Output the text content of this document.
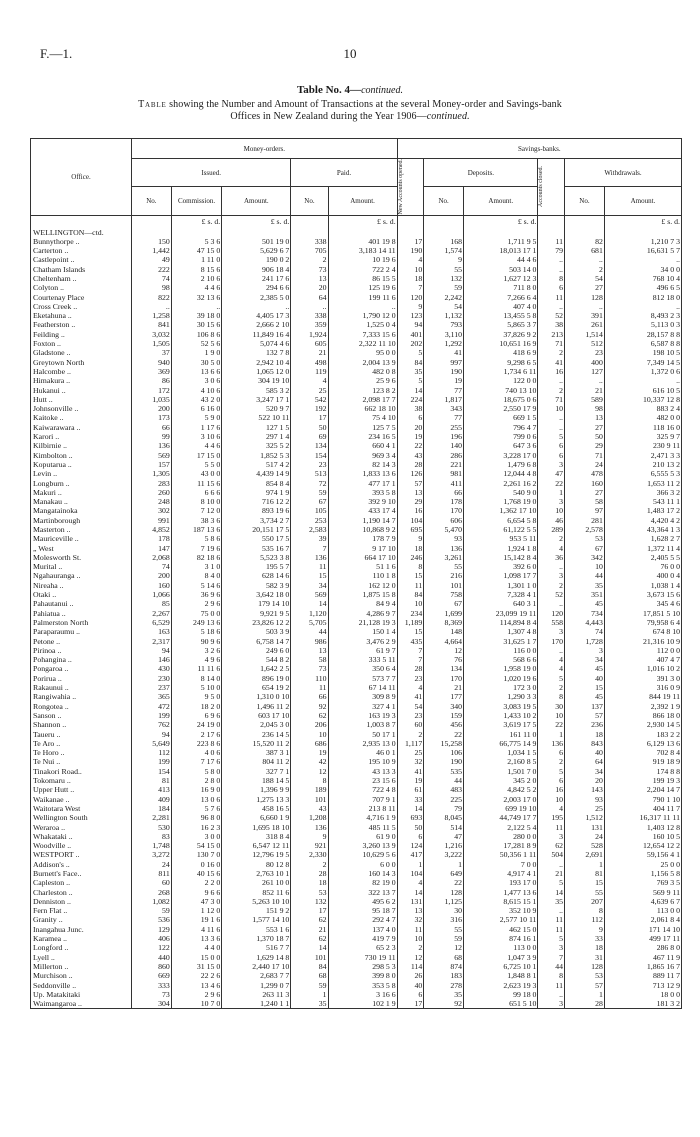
F.—1.	10
Table No. 4—continued.
Table showing the Number and Amount of Transactions at the several Money-order and Savings-bank
Offices in New Zealand during the Year 1906—continued.
Office.	Money-orders.					Savings-banks.					
	Issued.			Paid.		New Accounts opened.	Deposits.		Accounts closed.	Withdrawals.	
	No.	Commission.	Amount.	No.	Amount.		No.	Amount.		No.	Amount.
		£ s. d.	£ s. d.		£ s. d.			£ s. d.			£ s. d.
WELLINGTON—ctd.											
Bunnythorpe ..	150	5 3 6	501 19 0	338	401 19 8	17	168	1,711 9 5	11	82	1,210 7 3
Carterton ..	1,442	47 15 0	5,629 6 7	705	3,183 14 11	190	1,574	18,013 17 1	79	681	16,631 5 7
Castlepoint ..	49	1 11 0	190 0 2	2	10 19 6	4	9	44 4 6	..	..	..
Chatham Islands	222	8 15 6	906 18 4	73	722 2 4	10	55	503 14 0	..	2	34 0 0
Cheltenham ..	74	2 10 6	241 17 6	13	86 15 5	18	132	1,627 12 3	8	54	768 10 4
Colyton ..	98	4 4 6	294 6 6	20	125 19 6	7	59	711 8 0	6	27	496 6 5
Courtenay Place	822	32 13 6	2,385 5 0	64	199 11 6	120	2,242	7,266 6 4	11	128	812 18 0
Cross Creek ..	..	..	..	..	..	9	54	407 4 0	..	..	..
Eketahuna ..	1,258	39 18 0	4,405 17 3	338	1,790 12 0	123	1,132	13,455 5 8	52	391	8,493 2 3
Featherston ..	841	30 15 6	2,666 2 10	359	1,525 0 4	94	793	5,865 3 7	38	261	5,113 0 3
Feilding ..	3,032	106 8 6	11,849 16 4	1,924	7,333 15 6	401	3,110	37,826 9 2	213	1,514	28,157 8 8
Foxton ..	1,505	52 5 6	5,074 4 6	605	2,322 11 10	202	1,292	10,651 16 9	71	512	6,587 8 8
Gladstone ..	37	1 9 0	132 7 8	21	95 0 0	5	41	418 6 9	2	23	198 10 5
Greytown North	940	30 5 0	2,942 10 4	498	2,004 13 9	84	997	9,298 6 5	41	400	7,349 14 5
Halcombe ..	369	13 6 6	1,065 12 0	119	482 0 8	35	190	1,734 6 11	16	127	1,372 0 6
Himakura ..	86	3 0 6	304 19 10	4	25 9 6	5	19	122 0 0	..	..	..
Hukanui ..	172	4 10 6	585 3 2	25	123 8 2	14	77	740 13 10	2	21	616 10 5
Hutt ..	1,035	43 2 0	3,247 17 1	542	2,098 17 7	224	1,817	18,675 0 6	71	589	10,337 12 8
Johnsonville ..	200	6 16 0	520 9 7	192	662 18 10	38	343	2,550 17 9	10	98	883 2 4
Kaitoke ..	173	5 9 0	522 10 11	17	75 4 10	6	77	669 1 5	..	13	482 0 0
Kaiwarawara ..	66	1 17 6	127 1 5	50	125 7 5	20	255	796 4 7	..	27	118 16 0
Karori ..	99	3 10 6	297 1 4	69	234 16 5	19	196	799 0 6	5	50	325 9 7
Kilbirnie ..	136	4 4 6	325 5 2	134	660 4 1	22	140	647 3 6	6	29	230 9 11
Kimbolton ..	569	17 15 0	1,852 5 3	154	969 3 4	43	286	3,228 17 0	6	71	2,471 3 3
Koputarua ..	157	5 5 0	517 4 2	23	82 14 3	28	221	1,479 6 8	3	24	210 13 2
Levin ..	1,305	43 0 0	4,439 14 9	513	1,833 13 6	126	981	12,044 4 8	47	478	6,555 5 3
Longburn ..	283	11 15 6	854 8 4	72	477 17 1	57	411	2,261 16 2	22	160	1,653 11 2
Makuri ..	260	6 6 6	974 1 9	59	393 5 8	13	66	540 9 0	1	27	366 3 2
Manakau ..	248	8 10 0	716 12 2	67	392 9 10	29	178	1,768 19 0	3	58	543 11 1
Mangatainoka	302	7 12 0	893 19 6	105	433 17 4	16	170	1,362 17 10	10	97	1,483 17 2
Martinborough	991	38 3 6	3,734 2 7	253	1,190 14 7	104	606	6,654 5 8	46	281	4,420 4 2
Masterton ..	4,852	187 13 6	20,151 17 5	2,583	10,868 9 2	695	5,470	61,122 5 5	289	2,578	43,364 1 3
Mauriceville ..	178	5 8 6	550 17 5	39	178 7 9	9	93	953 5 11	2	53	1,628 2 7
„ West	147	7 19 6	535 16 7	7	9 17 10	18	136	1,924 1 8	4	67	1,372 11 4
Molesworth St.	2,068	82 18 6	5,523 3 8	136	664 17 10	246	3,261	15,142 8 4	36	342	2,405 5 5
Murital ..	74	3 1 0	195 5 7	11	51 1 6	8	55	392 6 0	..	10	76 0 0
Ngahauranga ..	200	8 4 0	628 14 6	15	110 1 8	15	216	1,098 17 7	3	44	400 0 4
Nireaha ..	160	5 14 6	582 3 9	34	162 12 0	11	101	1,301 1 0	2	35	1,038 1 4
Otaki ..	1,066	36 9 6	3,642 18 0	569	1,875 15 8	84	758	7,328 4 1	52	351	3,673 15 6
Pahautanui ..	85	2 9 6	179 14 10	14	84 9 4	10	67	640 3 1	..	45	345 4 6
Pahiatua ..	2,267	75 0 0	9,921 9 5	1,120	4,286 9 7	234	1,699	23,099 19 11	120	734	17,851 5 10
Palmerston North	6,529	249 13 6	23,826 12 2	5,705	21,128 19 3	1,189	8,369	114,894 8 4	558	4,443	79,958 6 4
Paraparaumu ..	163	5 18 6	503 3 9	44	150 1 4	15	148	1,307 4 8	3	74	674 8 10
Petone ..	2,317	90 9 6	6,758 14 7	986	3,476 2 9	435	4,664	31,625 1 7	170	1,728	21,316 10 9
Pirinoa ..	94	3 2 6	249 6 0	13	61 9 7	7	12	116 0 0	..	3	112 0 0
Pohangina ..	146	4 9 6	544 8 2	58	333 5 11	7	76	568 6 6	4	34	407 4 7
Pongaroa ..	430	11 11 6	1,642 2 5	73	350 6 4	28	134	1,958 19 0	4	45	1,016 10 2
Porirua ..	230	8 14 0	896 19 0	110	573 7 7	23	170	1,020 19 6	5	40	391 3 0
Rakaunui ..	237	5 10 0	654 19 2	11	67 14 11	4	21	172 3 0	2	15	316 0 9
Rangiwahia ..	365	9 5 0	1,310 0 10	66	309 8 9	41	177	1,290 3 3	8	45	844 19 11
Rongotea ..	472	18 2 0	1,496 11 2	92	327 4 1	54	340	3,083 19 5	30	137	2,392 1 9
Sanson ..	199	6 9 6	603 17 10	62	163 19 3	23	159	1,433 10 2	10	57	866 18 0
Shannon ..	762	24 19 0	2,045 3 0	206	1,003 8 7	60	456	3,619 17 5	22	236	2,930 14 5
Taueru ..	94	2 17 6	236 14 5	10	50 17 1	2	22	161 11 0	1	18	183 2 2
Te Aro ..	5,649	223 8 6	15,520 11 2	686	2,935 13 0	1,117	15,258	66,775 14 9	136	843	6,129 13 6
Te Horo ..	112	4 0 6	387 3 1	19	46 0 1	25	106	1,034 1 5	6	40	702 8 4
Te Nui ..	199	7 17 6	804 11 2	42	195 10 9	32	190	2,160 8 5	2	64	919 18 9
Tinakori Road..	154	5 8 0	327 7 1	12	43 13 3	41	535	1,501 7 0	5	34	174 8 8
Tokomaru ..	81	2 8 0	188 14 5	8	23 15 6	19	44	345 2 0	6	20	199 19 3
Upper Hutt ..	413	16 9 0	1,396 9 9	189	722 4 8	61	483	4,842 5 2	16	143	2,204 14 7
Waikanae ..	409	13 0 6	1,275 13 3	101	707 9 1	33	225	2,003 17 0	10	93	790 1 10
Waitotara West	184	5 7 6	458 16 5	43	213 8 11	14	79	699 19 10	4	25	404 11 7
Wellington South	2,281	96 8 0	6,660 1 9	1,208	4,716 1 9	693	8,045	44,749 17 7	195	1,512	16,317 11 11
Weraroa ..	530	16 2 3	1,695 18 10	136	485 11 5	50	514	2,122 5 4	11	131	1,403 12 8
Whakataki ..	83	3 0 0	318 8 4	9	61 9 0	6	47	280 0 0	3	24	160 10 5
Woodville ..	1,748	54 15 0	6,547 12 11	921	3,260 13 9	124	1,216	17,281 8 9	62	528	12,654 12 2
WESTPORT ..	3,272	130 7 0	12,796 19 5	2,330	10,629 5 6	417	3,222	50,356 1 11	504	2,691	59,156 4 1
Addison's ..	24	0 16 0	80 12 8	2	6 0 0	1	1	7 0 0	..	1	25 0 0
Burnett's Face..	811	40 15 6	2,763 10 1	28	160 14 3	104	649	4,917 4 1	21	81	1,156 5 8
Capleston ..	60	2 2 0	261 10 0	18	82 19 0	4	22	193 17 0	5	15	769 3 5
Charleston ..	268	9 6 6	852 11 6	53	322 13 7	14	128	1,477 13 6	14	55	569 9 11
Denniston ..	1,082	47 3 0	5,263 10 10	132	495 6 2	131	1,125	8,615 15 1	35	207	4,639 6 7
Fern Flat ..	59	1 12 0	151 9 2	17	95 18 7	13	30	352 10 9	..	8	113 0 0
Granity ..	536	19 1 6	1,577 14 10	62	292 4 7	32	316	2,577 10 11	11	112	2,061 8 4
Inangahua Junc.	129	4 11 6	553 1 6	21	137 4 0	11	55	462 15 0	11	9	171 14 10
Karamea ..	406	13 3 6	1,370 18 7	62	419 7 9	10	59	874 16 1	5	33	499 17 11
Longford ..	122	4 4 0	516 7 7	14	65 2 3	2	12	113 0 0	3	18	286 8 0
Lyell ..	440	15 0 0	1,629 14 8	101	730 19 11	12	68	1,047 3 9	7	31	467 11 9
Millerton ..	860	31 15 0	2,440 17 10	84	298 5 3	114	874	6,725 10 1	44	128	1,865 16 7
Murchison ..	669	22 2 6	2,683 7 7	68	399 8 0	26	183	1,848 8 1	8	53	889 11 7
Seddonville ..	333	13 4 6	1,299 0 7	59	353 5 8	40	278	2,623 19 3	11	57	713 12 9
Up. Matakitaki	73	2 9 6	263 11 3	1	3 16 6	6	35	99 18 0	..	1	18 0 0
Waimangaroa ..	304	10 7 0	1,240 1 1	35	102 1 9	17	92	651 5 10	3	28	181 3 2
